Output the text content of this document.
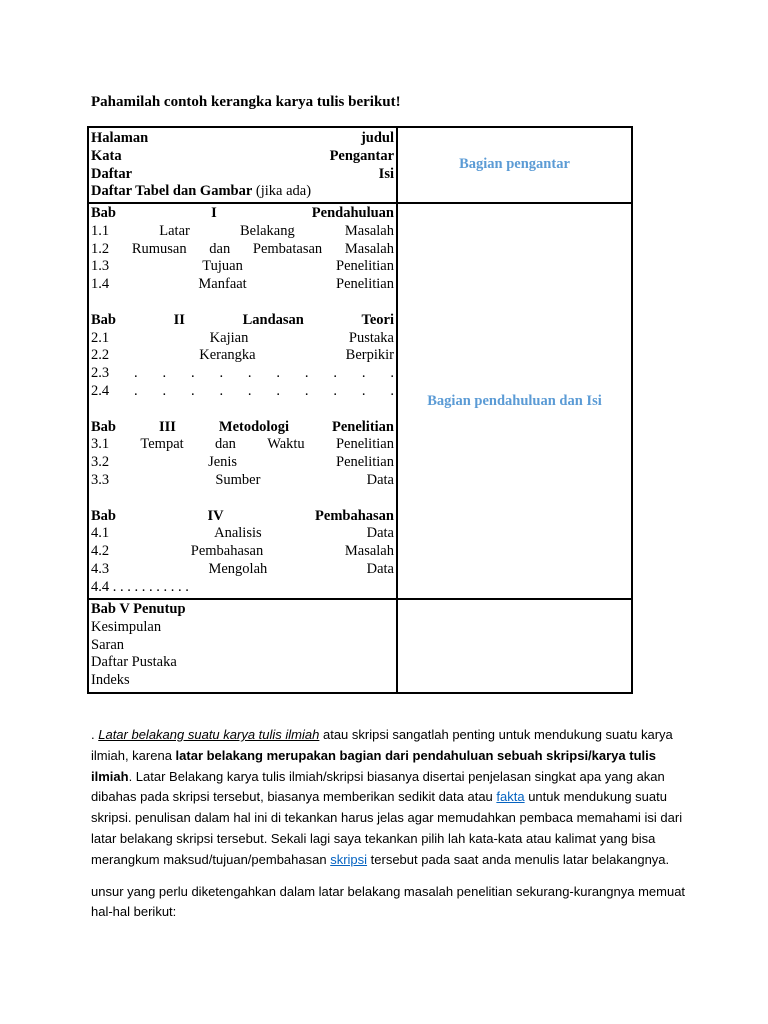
Pahamilah contoh kerangka karya tulis berikut!
Halaman	judul
Kata	Pengantar
Daftar	Isi
Daftar Tabel dan Gambar (jika ada)
Bagian pengantar
Bab	I	Pendahuluan
1.1	Latar	Belakang	Masalah
1.2 Rumusan dan Pembatasan Masalah
1.3	Tujuan	Penelitian
1.4	Manfaat	Penelitian
Bab	II	Landasan	Teori
2.1	Kajian	Pustaka
2.2	Kerangka	Berpikir
2.3 . . . . . . . . . .
2.4 . . . . . . . . . .
Bab	III	Metodologi	Penelitian
3.1 Tempat dan Waktu Penelitian
3.2	Jenis	Penelitian
3.3	Sumber	Data
Bab	IV	Pembahasan
4.1	Analisis	Data
4.2	Pembahasan	Masalah
4.3	Mengolah	Data
4.4 . . . . . . . . . . .
Bagian pendahuluan dan Isi
Bab V Penutup
Kesimpulan
Saran
Daftar Pustaka
Indeks

. Latar belakang suatu karya tulis ilmiah atau skripsi sangatlah penting untuk mendukung suatu karya ilmiah, karena latar belakang merupakan bagian dari pendahuluan sebuah skripsi/karya tulis ilmiah. Latar Belakang karya tulis ilmiah/skripsi biasanya disertai penjelasan singkat apa yang akan dibahas pada skripsi tersebut, biasanya memberikan sedikit data atau fakta untuk mendukung suatu skripsi. penulisan dalam hal ini di tekankan harus jelas agar memudahkan pembaca memahami isi dari latar belakang skripsi tersebut. Sekali lagi saya tekankan pilih lah kata-kata atau kalimat yang bisa merangkum maksud/tujuan/pembahasan skripsi tersebut pada saat anda menulis latar belakangnya.

unsur yang perlu diketengahkan dalam latar belakang masalah penelitian sekurang-kurangnya memuat hal-hal berikut:
